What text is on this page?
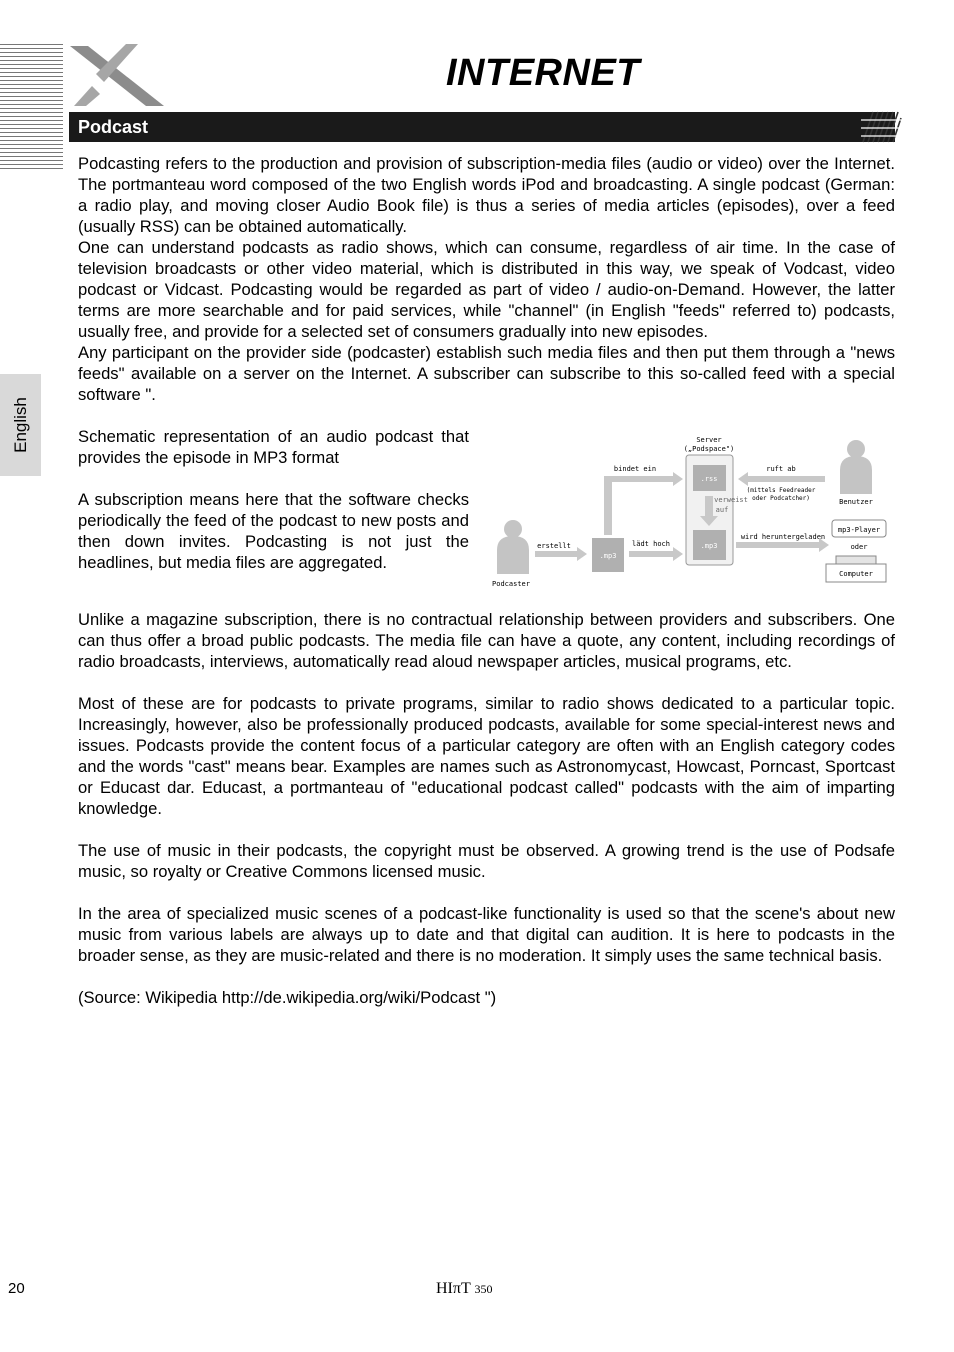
INTERNET
Podcast
English

Podcasting refers to the production and provision of subscription-media files (audio or video) over the Internet. The portmanteau word composed of the two English words iPod and broadcasting. A single podcast (German: a radio play, and moving closer Audio Book file) is thus a series of media articles (episodes), over a feed (usually RSS) can be obtained automatically.

One can understand podcasts as radio shows, which can consume, regardless of air time. In the case of television broadcasts or other video material, which is distributed in this way, we speak of Vodcast, video podcast or Vidcast. Podcasting would be regarded as part of video / audio-on-Demand. However, the latter terms are more searchable and for paid services, while "channel" (in English "feeds" referred to) podcasts, usually free, and provide for a selected set of consumers gradually into new episodes.

Any participant on the provider side (podcaster) establish such media files and then put them through a "news feeds" available on a server on the Internet. A subscriber can subscribe to this so-called feed with a special software ".

Schematic representation of an audio podcast that provides the episode in MP3 format

A subscription means here that the software checks periodically the feed of the podcast to new posts and then down invites. Podcasting is not just the headlines, but media files are aggregated.

Server
(„Podspace")
.rss
verweist
auf
.mp3
Podcaster
erstellt
.mp3
bindet ein
lädt hoch
ruft ab
(mittels Feedreader
oder Podcatcher)	Benutzer
wird heruntergeladen
mp3-Player
oder
Computer

Unlike a magazine subscription, there is no contractual relationship between providers and subscribers. One can thus offer a broad public podcasts. The media file can have a quote, any content, including recordings of radio broadcasts, interviews, automatically read aloud newspaper articles, musical programs, etc.

Most of these are for podcasts to private programs, similar to radio shows dedicated to a particular topic. Increasingly, however, also be professionally produced podcasts, available for some special-interest news and issues. Podcasts provide the content focus of a particular category are often with an English category codes and the words "cast" means bear. Examples are names such as Astronomycast, Howcast, Porncast, Sportcast or Educast dar. Educast, a portmanteau of "educational podcast called" podcasts with the aim of imparting knowledge.

The use of music in their podcasts, the copyright must be observed. A growing trend is the use of Podsafe music, so royalty or Creative Commons licensed music.

In the area of specialized music scenes of a podcast-like functionality is used so that the scene's about new music from various labels are always up to date and that digital can audition. It is here to podcasts in the broader sense, as they are music-related and there is no moderation. It simply uses the same technical basis.

(Source: Wikipedia http://de.wikipedia.org/wiki/Podcast ")

20	HIπT 350
